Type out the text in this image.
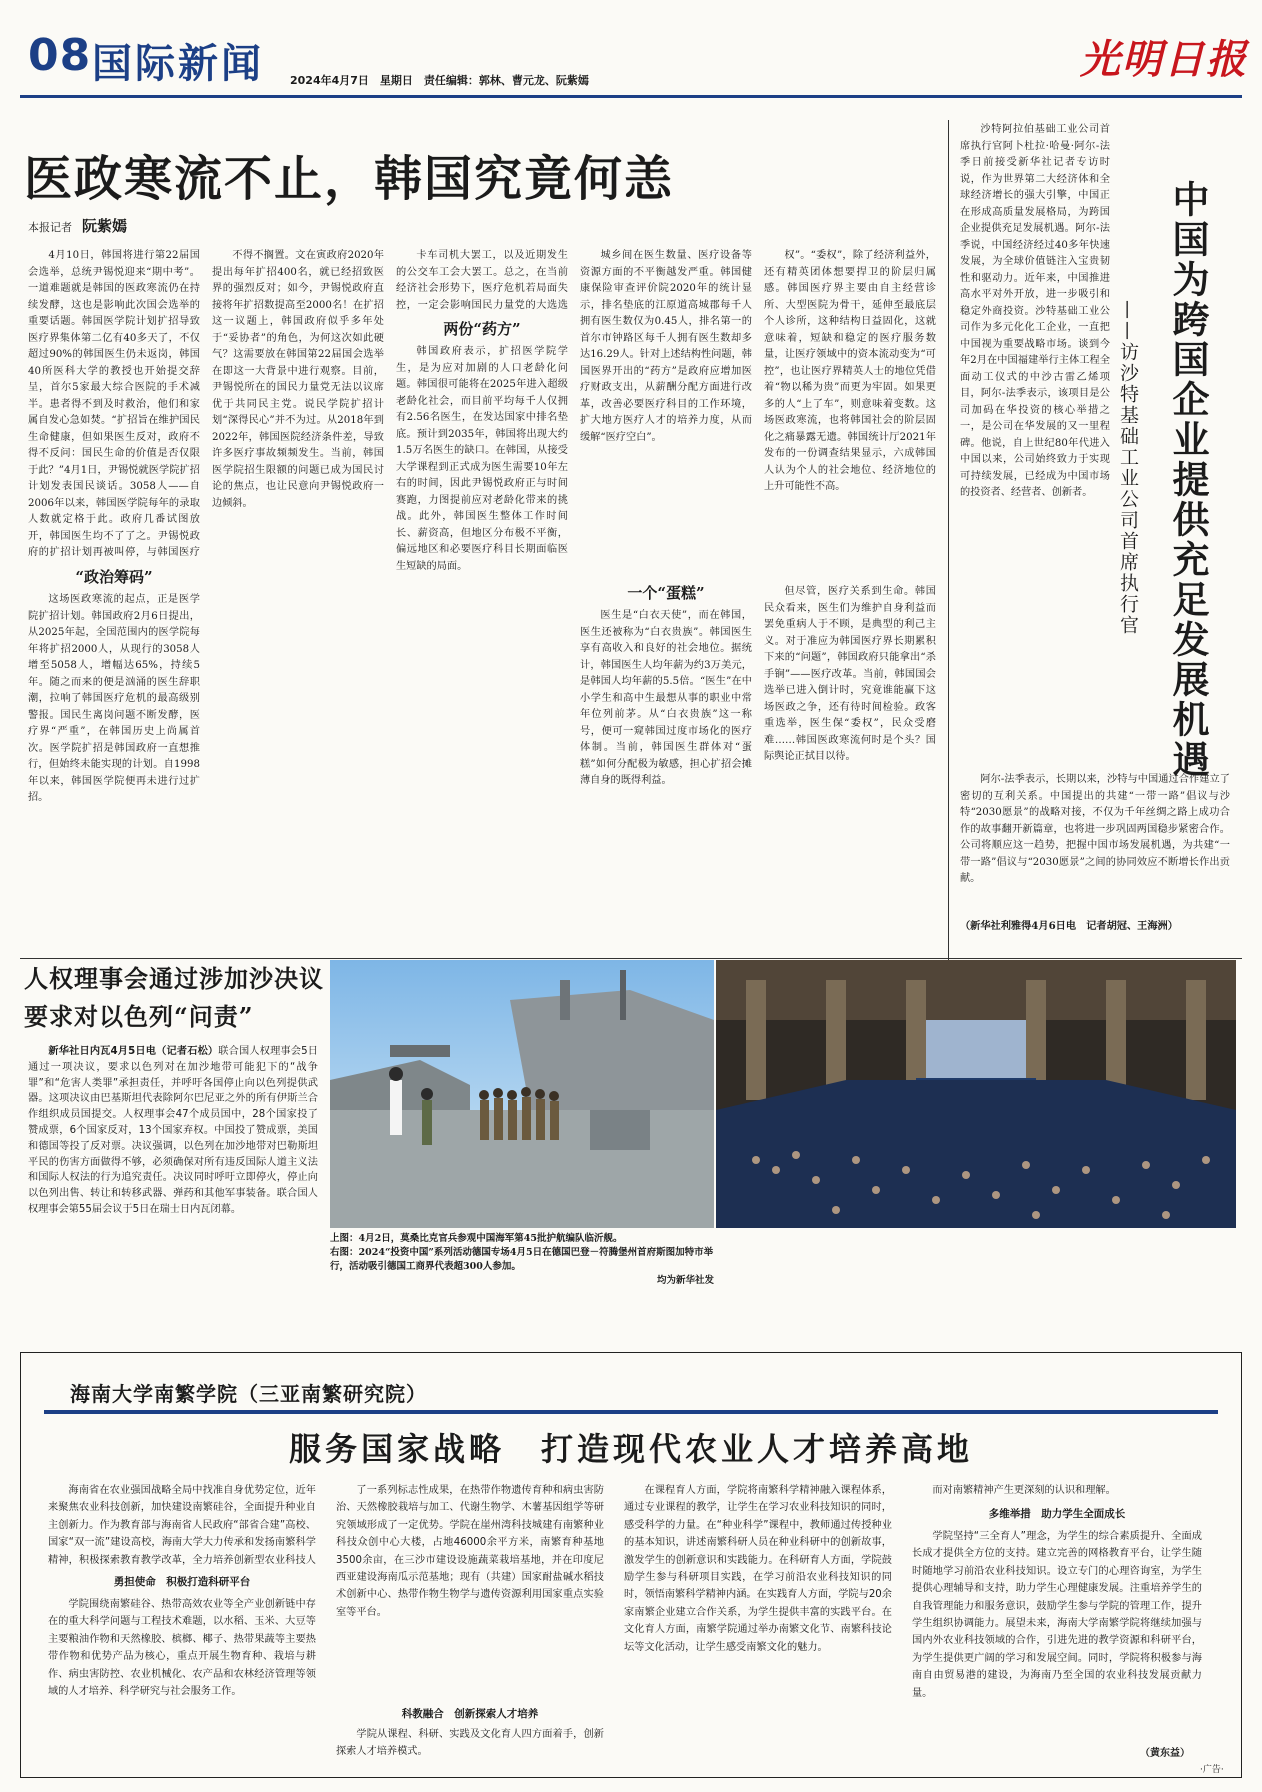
08 国际新闻 2024年4月7日　星期日　责任编辑：郭林、曹元龙、阮紫嫣	光明日报
医政寒流不止，韩国究竟何恙
本报记者 阮紫嫣

4月10日，韩国将进行第22届国会选举，总统尹锡悦迎来“期中考”。一道难题就是韩国的医政寒流仍在持续发酵，这也是影响此次国会选举的重要话题。韩国医学院计划扩招导致医疗界集体第二亿有40多天了，不仅超过90%的韩国医生仍未返岗，韩国40所医科大学的教授也开始提交辞呈，首尔5家最大综合医院的手术减半。患者得不到及时救治，他们和家属自发心急如焚。“扩招旨在维护国民生命健康，但如果医生反对，政府不得不反问：国民生命的价值是否仅限于此？”4月1日，尹锡悦就医学院扩招计划发表国民谈话。3058人——自2006年以来，韩国医学院每年的录取人数就定格于此。政府几番试图放开，韩国医生均不了了之。尹锡悦政府的扩招计划再被叫停，与韩国医疗

“政治筹码”

这场医政寒流的起点，正是医学院扩招计划。韩国政府2月6日提出，从2025年起，全国范围内的医学院每年将扩招2000人，从现行的3058人增至5058人，增幅达65%，持续5年。随之而来的便是汹涌的医生辞职潮，拉响了韩国医疗危机的最高级别警报。国民生离岗问题不断发酵，医疗界“严重”，在韩国历史上尚属首次。医学院扩招是韩国政府一直想推行，但始终未能实现的计划。自1998年以来，韩国医学院便再未进行过扩招。

不得不搁置。文在寅政府2020年提出每年扩招400名，就已经招致医界的强烈反对；如今，尹锡悦政府直接将年扩招数提高至2000名！在扩招这一议题上，韩国政府似乎多年处于“妥协者”的角色，为何这次如此硬气？这需要放在韩国第22届国会选举在即这一大背景中进行观察。目前，尹锡悦所在的国民力量党无法以议席优于共同民主党。说民学院扩招计划“深得民心”并不为过。从2018年到2022年，韩国医院经济条件差，导致许多医疗事故频频发生。当前，韩国医学院招生限额的问题已成为国民讨论的焦点，也让民意向尹锡悦政府一边倾斜。

卡车司机大罢工，以及近期发生的公交车工会大罢工。总之，在当前经济社会形势下，医疗危机若局面失控，一定会影响国民力量党的大选选

两份“药方”

韩国政府表示，扩招医学院学生，是为应对加剧的人口老龄化问题。韩国很可能将在2025年进入超级老龄化社会，而目前平均每千人仅拥有2.56名医生，在发达国家中排名垫底。预计到2035年，韩国将出现大约1.5万名医生的缺口。在韩国，从接受大学课程到正式成为医生需要10年左右的时间，因此尹锡悦政府正与时间赛跑，力图提前应对老龄化带来的挑战。此外，韩国医生整体工作时间长、薪资高，但地区分布极不平衡，偏远地区和必要医疗科目长期面临医生短缺的局面。

城乡间在医生数量、医疗设备等资源方面的不平衡越发严重。韩国健康保险审查评价院2020年的统计显示，排名垫底的江原道高城郡每千人拥有医生数仅为0.45人，排名第一的首尔市钟路区每千人拥有医生数却多达16.29人。针对上述结构性问题，韩国医界开出的“药方”是政府应增加医疗财政支出，从薪酬分配方面进行改革，改善必要医疗科目的工作环境，扩大地方医疗人才的培养力度，从而缓解“医疗空白”。

一个“蛋糕”

医生是“白衣天使”，而在韩国，医生还被称为“白衣贵族”。韩国医生享有高收入和良好的社会地位。据统计，韩国医生人均年薪为约3万美元，是韩国人均年薪的5.5倍。“医生”在中小学生和高中生最想从事的职业中常年位列前茅。从“白衣贵族”这一称号，便可一窥韩国过度市场化的医疗体制。当前，韩国医生群体对“蛋糕”如何分配极为敏感，担心扩招会摊薄自身的既得利益。

权”。“委权”，除了经济利益外，还有精英团体想要捍卫的阶层归属感。韩国医疗界主要由自主经营诊所、大型医院为骨干，延伸至最底层个人诊所，这种结构日益固化，这就意味着，短缺和稳定的医疗服务数量，让医疗领域中的资本流动变为“可控”，也让医疗界精英人士的地位凭借着“物以稀为贵”而更为牢固。如果更多的人“上了车”，则意味着变数。这场医政寒流，也将韩国社会的阶层固化之痛暴露无遗。韩国统计厅2021年发布的一份调查结果显示，六成韩国人认为个人的社会地位、经济地位的上升可能性不高。

但尽管，医疗关系到生命。韩国民众看来，医生们为维护自身利益而罢免重病人于不顾，是典型的利己主义。对于准应为韩国医疗界长期累积下来的“问题”，韩国政府只能拿出“杀手锏”——医疗改革。当前，韩国国会选举已进入倒计时，究竟谁能赢下这场医政之争，还有待时间检验。政客重选举，医生保“委权”，民众受磨难……韩国医政寒流何时是个头？国际舆论正拭目以待。	中国为跨国企业提供充足发展机遇
——访沙特基础工业公司首席执行官

沙特阿拉伯基础工业公司首席执行官阿卜杜拉·哈曼·阿尔-法季日前接受新华社记者专访时说，作为世界第二大经济体和全球经济增长的强大引擎，中国正在形成高质量发展格局，为跨国企业提供充足发展机遇。阿尔-法季说，中国经济经过40多年快速发展，为全球价值链注入宝贵韧性和驱动力。近年来，中国推进高水平对外开放，进一步吸引和稳定外商投资。沙特基础工业公司作为多元化化工企业，一直把中国视为重要战略市场。谈到今年2月在中国福建举行主体工程全面动工仪式的中沙古雷乙烯项目，阿尔-法季表示，该项目是公司加码在华投资的核心举措之一，是公司在华发展的又一里程碑。他说，自上世纪80年代进入中国以来，公司始终致力于实现可持续发展，已经成为中国市场的投资者、经营者、创新者。

阿尔-法季表示，长期以来，沙特与中国通过合作建立了密切的互利关系。中国提出的共建“一带一路”倡议与沙特“2030愿景”的战略对接，不仅为千年丝绸之路上成功合作的故事翻开新篇章，也将进一步巩固两国稳步紧密合作。公司将顺应这一趋势，把握中国市场发展机遇，为共建“一带一路”倡议与“2030愿景”之间的协同效应不断增长作出贡献。

（新华社利雅得4月6日电　记者胡冠、王海洲）

人权理事会通过涉加沙决议
要求对以色列“问责”

新华社日内瓦4月5日电（记者石松）联合国人权理事会5日通过一项决议，要求以色列对在加沙地带可能犯下的“战争罪”和“危害人类罪”承担责任，并呼吁各国停止向以色列提供武器。这项决议由巴基斯坦代表除阿尔巴尼亚之外的所有伊斯兰合作组织成员国提交。人权理事会47个成员国中，28个国家投了赞成票，6个国家反对，13个国家弃权。中国投了赞成票，美国和德国等投了反对票。决议强调，以色列在加沙地带对巴勒斯坦平民的伤害方面做得不够，必须确保对所有违反国际人道主义法和国际人权法的行为追究责任。决议同时呼吁立即停火，停止向以色列出售、转让和转移武器、弹药和其他军事装备。联合国人权理事会第55届会议于5日在瑞士日内瓦闭幕。

上图：4月2日，莫桑比克官兵参观中国海军第45批护航编队临沂舰。
右图：2024“投资中国”系列活动德国专场4月5日在德国巴登－符腾堡州首府斯图加特市举行，活动吸引德国工商界代表超300人参加。
均为新华社发
海南大学南繁学院（三亚南繁研究院）
服务国家战略　打造现代农业人才培养高地

海南省在农业强国战略全局中找准自身优势定位，近年来聚焦农业科技创新，加快建设南繁硅谷，全面提升种业自主创新力。作为教育部与海南省人民政府“部省合建”高校、国家“双一流”建设高校，海南大学大力传承和发扬南繁科学精神，积极探索教育教学改革，全力培养创新型农业科技人

勇担使命　积极打造科研平台

学院围绕南繁硅谷、热带高效农业等全产业创新链中存在的重大科学问题与工程技术难题，以水稻、玉米、大豆等主要粮油作物和天然橡胶、槟榔、椰子、热带果蔬等主要热带作物和优势产品为核心，重点开展生物育种、栽培与耕作、病虫害防控、农业机械化、农产品和农林经济管理等领域的人才培养、科学研究与社会服务工作。

了一系列标志性成果，在热带作物遗传育种和病虫害防治、天然橡胶栽培与加工、代谢生物学、木薯基因组学等研究领域形成了一定优势。学院在崖州湾科技城建有南繁种业科技众创中心大楼，占地46000余平方米，南繁育种基地3500余亩，在三沙市建设设施蔬菜栽培基地，并在印度尼西亚建设海南瓜示范基地；现有（共建）国家耐盐碱水稻技术创新中心、热带作物生物学与遗传资源利用国家重点实验室等平台。

科教融合　创新探索人才培养

学院从课程、科研、实践及文化育人四方面着手，创新探索人才培养模式。

在课程育人方面，学院将南繁科学精神融入课程体系，通过专业课程的教学，让学生在学习农业科技知识的同时，感受科学的力量。在“种业科学”课程中，教师通过传授种业的基本知识，讲述南繁科研人员在种业科研中的创新故事，激发学生的创新意识和实践能力。在科研育人方面，学院鼓励学生参与科研项目实践，在学习前沿农业科技知识的同时，领悟南繁科学精神内涵。在实践育人方面，学院与20余家南繁企业建立合作关系，为学生提供丰富的实践平台。在文化育人方面，南繁学院通过举办南繁文化节、南繁科技论坛等文化活动，让学生感受南繁文化的魅力。

而对南繁精神产生更深刻的认识和理解。

多维举措　助力学生全面成长

学院坚持“三全育人”理念，为学生的综合素质提升、全面成长成才提供全方位的支持。建立完善的网格教育平台，让学生随时随地学习前沿农业科技知识。设立专门的心理咨询室，为学生提供心理辅导和支持，助力学生心理健康发展。注重培养学生的自我管理能力和服务意识，鼓励学生参与学院的管理工作，提升学生组织协调能力。展望未来，海南大学南繁学院将继续加强与国内外农业科技领域的合作，引进先进的教学资源和科研平台，为学生提供更广阔的学习和发展空间。同时，学院将积极参与海南自由贸易港的建设，为海南乃至全国的农业科技发展贡献力量。

（黄东益）
·广告·
